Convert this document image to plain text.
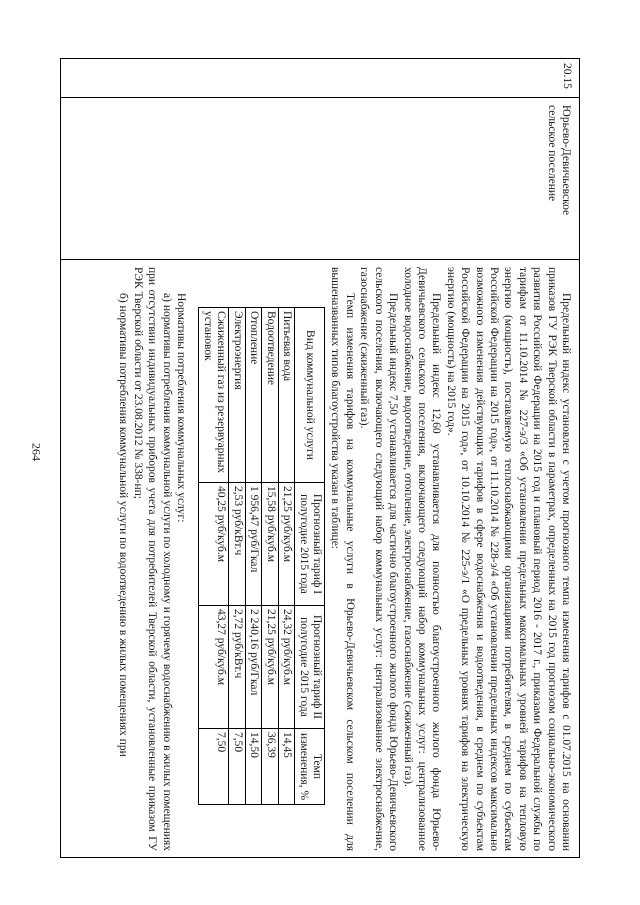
264
20.15
Юрьево-Девичьевское сельское поселение

Предельный индекс установлен с учетом прогнозного темпа изменения тарифов с 01.07.2015 на основании приказов ГУ РЭК Тверской области в параметрах, определенных на 2015 год прогнозом социально-экономического развития Российской Федерации на 2015 год и плановый период 2016 - 2017 г., приказами Федеральной службы по тарифам от 11.10.2014 № 227-э/3 «Об установлении предельных максимальных уровней тарифов на тепловую энергию (мощность), поставляемую теплоснабжающими организациями потребителям, в среднем по субъектам Российской Федерации на 2015 год», от 11.10.2014 № 228-э/4 «Об установлении предельных индексов максимально возможного изменения действующих тарифов в сфере водоснабжения и водоотведения, в среднем по субъектам Российской Федерации на 2015 год», от 10.10.2014 № 225-э/1 «О предельных уровнях тарифов на электрическую энергию (мощность) на 2015 год».

Предельный индекс 12,60 устанавливается для полностью благоустроенного жилого фонда Юрьево-Девичьевского сельского поселения, включающего следующий набор коммунальных услуг: централизованное холодное водоснабжение, водоотведение, отопление, электроснабжение, газоснабжение (сжиженный газ).

Предельный индекс 7,50 устанавливается для частично благоустроенного жилого фонда Юрьево-Девичьевского сельского поселения, включающего следующий набор коммунальных услуг: централизованное электроснабжение, газоснабжение (сжиженный газ).

Темп изменения тарифов на коммунальные услуги в Юрьево-Девичьевском сельском поселении для вышеназванных типов благоустройства указан в таблице:

Вид коммунальной услуги	Прогнозный тариф I полугодие 2015 года	Прогнозный тариф II полугодие 2015 года	Темп изменения, %
Питьевая вода	21,25 руб/куб.м	24,32 руб/куб.м	14,45
Водоотведение	15,58 руб/куб.м	21,25 руб/куб.м	36,39
Отопление	1 956,47 руб/Гкал	2 240,16 руб/Гкал	14,50
Электроэнергия	2,53 руб/кВт.ч	2,72 руб/кВт.ч	7,50
Сжиженный газ из резервуарных установок	40,25 руб/куб.м	43,27 руб/куб.м	7,50

Нормативы потребления коммунальных услуг:

а) нормативы потребления коммунальной услуги по холодному и горячему водоснабжению в жилых помещениях при отсутствии индивидуальных приборов учета для потребителей Тверской области, установленные приказом ГУ РЭК Тверской области от 23.08.2012 № 338-нп;

б) нормативы потребления коммунальной услуги по водоотведению в жилых помещениях при
